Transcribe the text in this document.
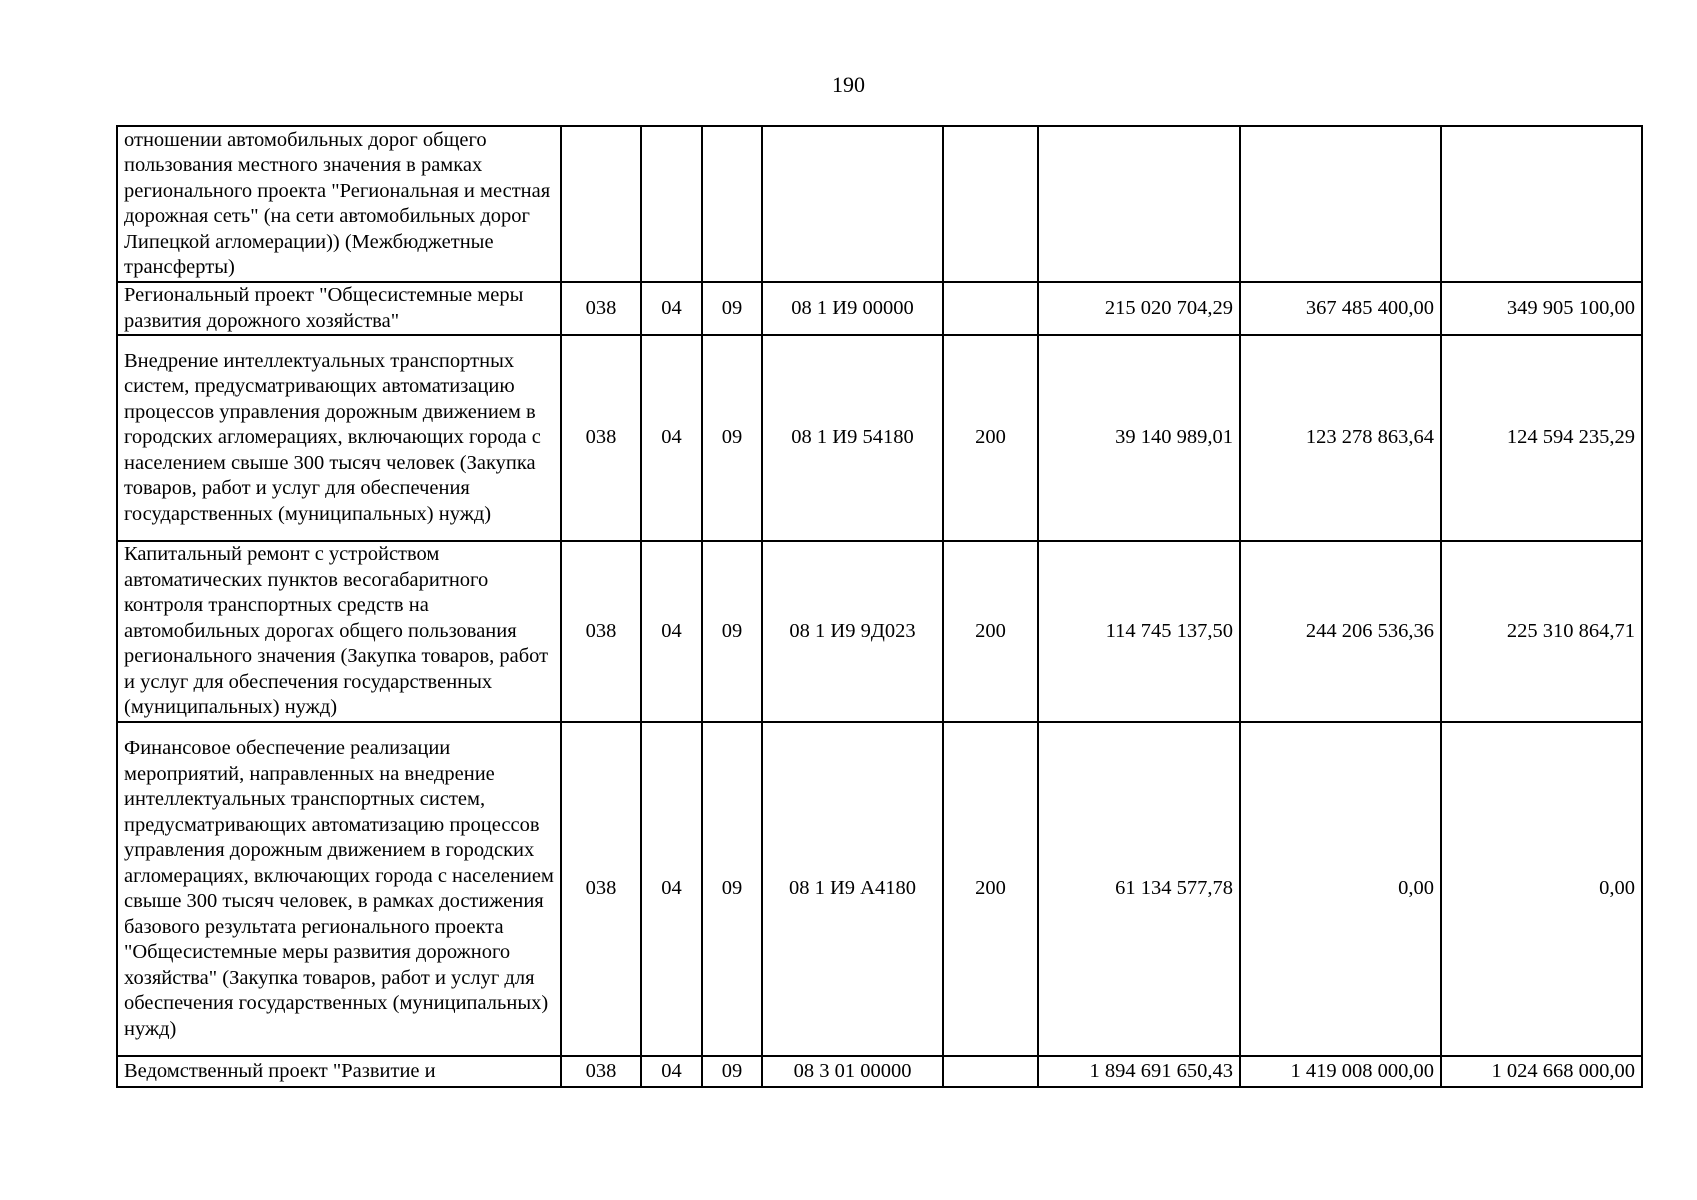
190
отношении автомобильных дорог общего пользования местного значения в рамках регионального проекта "Региональная и местная дорожная сеть" (на сети автомобильных дорог Липецкой агломерации)) (Межбюджетные трансферты)								
Региональный проект "Общесистемные меры развития дорожного хозяйства"	038	04	09	08 1 И9 00000		215 020 704,29	367 485 400,00	349 905 100,00
Внедрение интеллектуальных транспортных систем, предусматривающих автоматизацию процессов управления дорожным движением в городских агломерациях, включающих города с населением свыше 300 тысяч человек (Закупка товаров, работ и услуг для обеспечения государственных (муниципальных) нужд)	038	04	09	08 1 И9 54180	200	39 140 989,01	123 278 863,64	124 594 235,29
Капитальный ремонт с устройством автоматических пунктов весогабаритного контроля транспортных средств на автомобильных дорогах общего пользования регионального значения (Закупка товаров, работ и услуг для обеспечения государственных (муниципальных) нужд)	038	04	09	08 1 И9 9Д023	200	114 745 137,50	244 206 536,36	225 310 864,71
Финансовое обеспечение реализации мероприятий, направленных на внедрение интеллектуальных транспортных систем, предусматривающих автоматизацию процессов управления дорожным движением в городских агломерациях, включающих города с населением свыше 300 тысяч человек, в рамках достижения базового результата регионального проекта "Общесистемные меры развития дорожного хозяйства" (Закупка товаров, работ и услуг для обеспечения государственных (муниципальных) нужд)	038	04	09	08 1 И9 А4180	200	61 134 577,78	0,00	0,00
Ведомственный проект "Развитие и	038	04	09	08 3 01 00000		1 894 691 650,43	1 419 008 000,00	1 024 668 000,00
